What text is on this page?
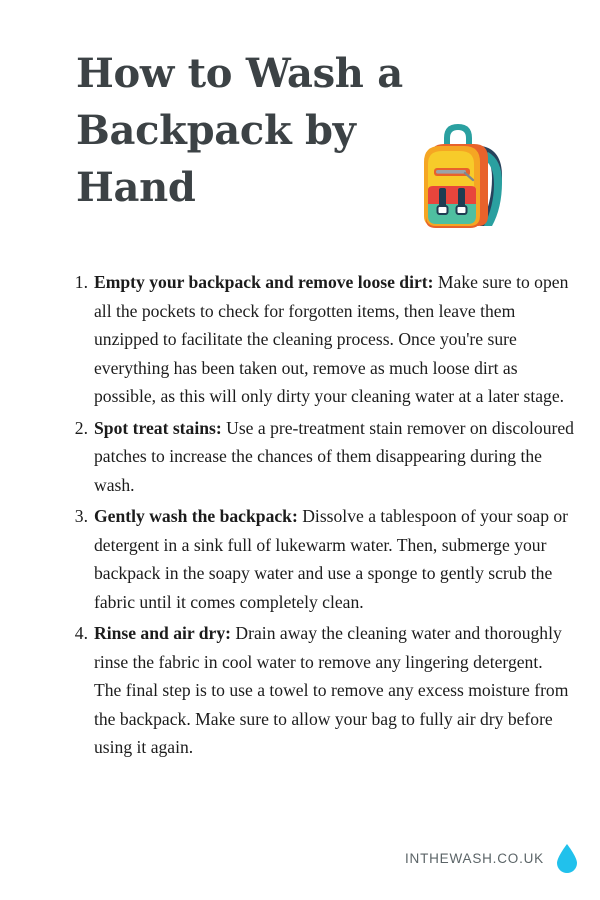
How to Wash a Backpack by Hand
Empty your backpack and remove loose dirt: Make sure to open all the pockets to check for forgotten items, then leave them unzipped to facilitate the cleaning process. Once you're sure everything has been taken out, remove as much loose dirt as possible, as this will only dirty your cleaning water at a later stage.
Spot treat stains: Use a pre-treatment stain remover on discoloured patches to increase the chances of them disappearing during the wash.
Gently wash the backpack: Dissolve a tablespoon of your soap or detergent in a sink full of lukewarm water. Then, submerge your backpack in the soapy water and use a sponge to gently scrub the fabric until it comes completely clean.
Rinse and air dry: Drain away the cleaning water and thoroughly rinse the fabric in cool water to remove any lingering detergent. The final step is to use a towel to remove any excess moisture from the backpack. Make sure to allow your bag to fully air dry before using it again.
INTHEWASH.CO.UK
